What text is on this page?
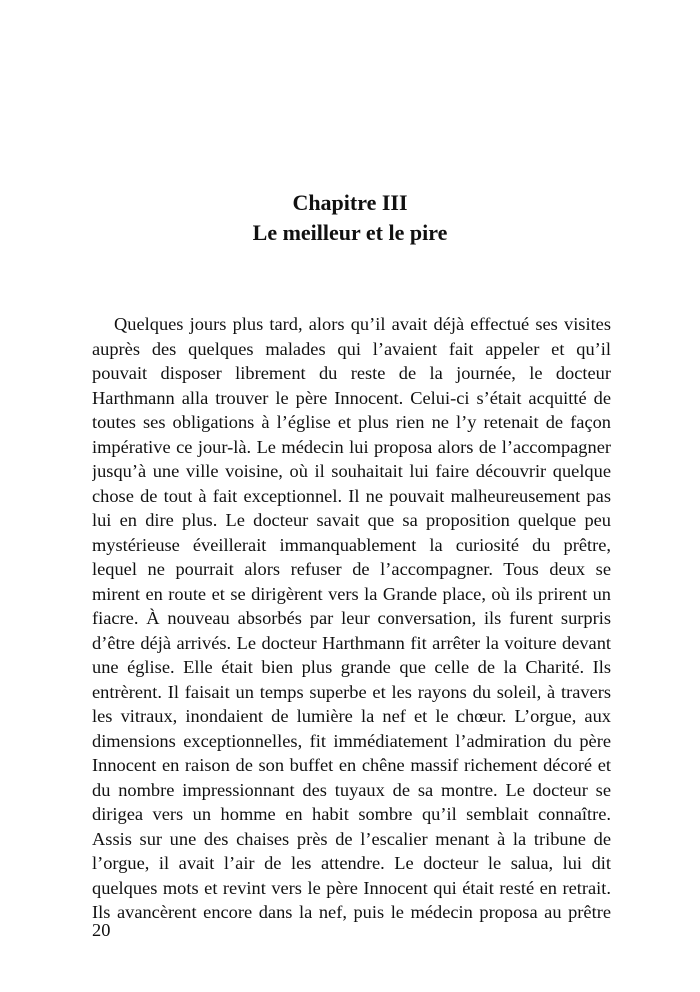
Chapitre III
Le meilleur et le pire
Quelques jours plus tard, alors qu’il avait déjà effectué ses visites
auprès des quelques malades qui l’avaient fait appeler et qu’il
pouvait disposer librement du reste de la journée, le docteur
Harthmann alla trouver le père Innocent. Celui-ci s’était acquitté de
toutes ses obligations à l’église et plus rien ne l’y retenait de façon
impérative ce jour-là. Le médecin lui proposa alors de l’accompagner
jusqu’à une ville voisine, où il souhaitait lui faire découvrir quelque
chose de tout à fait exceptionnel. Il ne pouvait malheureusement pas
lui en dire plus. Le docteur savait que sa proposition quelque peu
mystérieuse éveillerait immanquablement la curiosité du prêtre,
lequel ne pourrait alors refuser de l’accompagner. Tous deux se
mirent en route et se dirigèrent vers la Grande place, où ils prirent un
fiacre. À nouveau absorbés par leur conversation, ils furent surpris
d’être déjà arrivés. Le docteur Harthmann fit arrêter la voiture devant
une église. Elle était bien plus grande que celle de la Charité. Ils
entrèrent. Il faisait un temps superbe et les rayons du soleil, à travers
les vitraux, inondaient de lumière la nef et le chœur. L’orgue, aux
dimensions exceptionnelles, fit immédiatement l’admiration du père
Innocent en raison de son buffet en chêne massif richement décoré et
du nombre impressionnant des tuyaux de sa montre. Le docteur se
dirigea vers un homme en habit sombre qu’il semblait connaître.
Assis sur une des chaises près de l’escalier menant à la tribune de
l’orgue, il avait l’air de les attendre. Le docteur le salua, lui dit
quelques mots et revint vers le père Innocent qui était resté en retrait.
Ils avancèrent encore dans la nef, puis le médecin proposa au prêtre
20
